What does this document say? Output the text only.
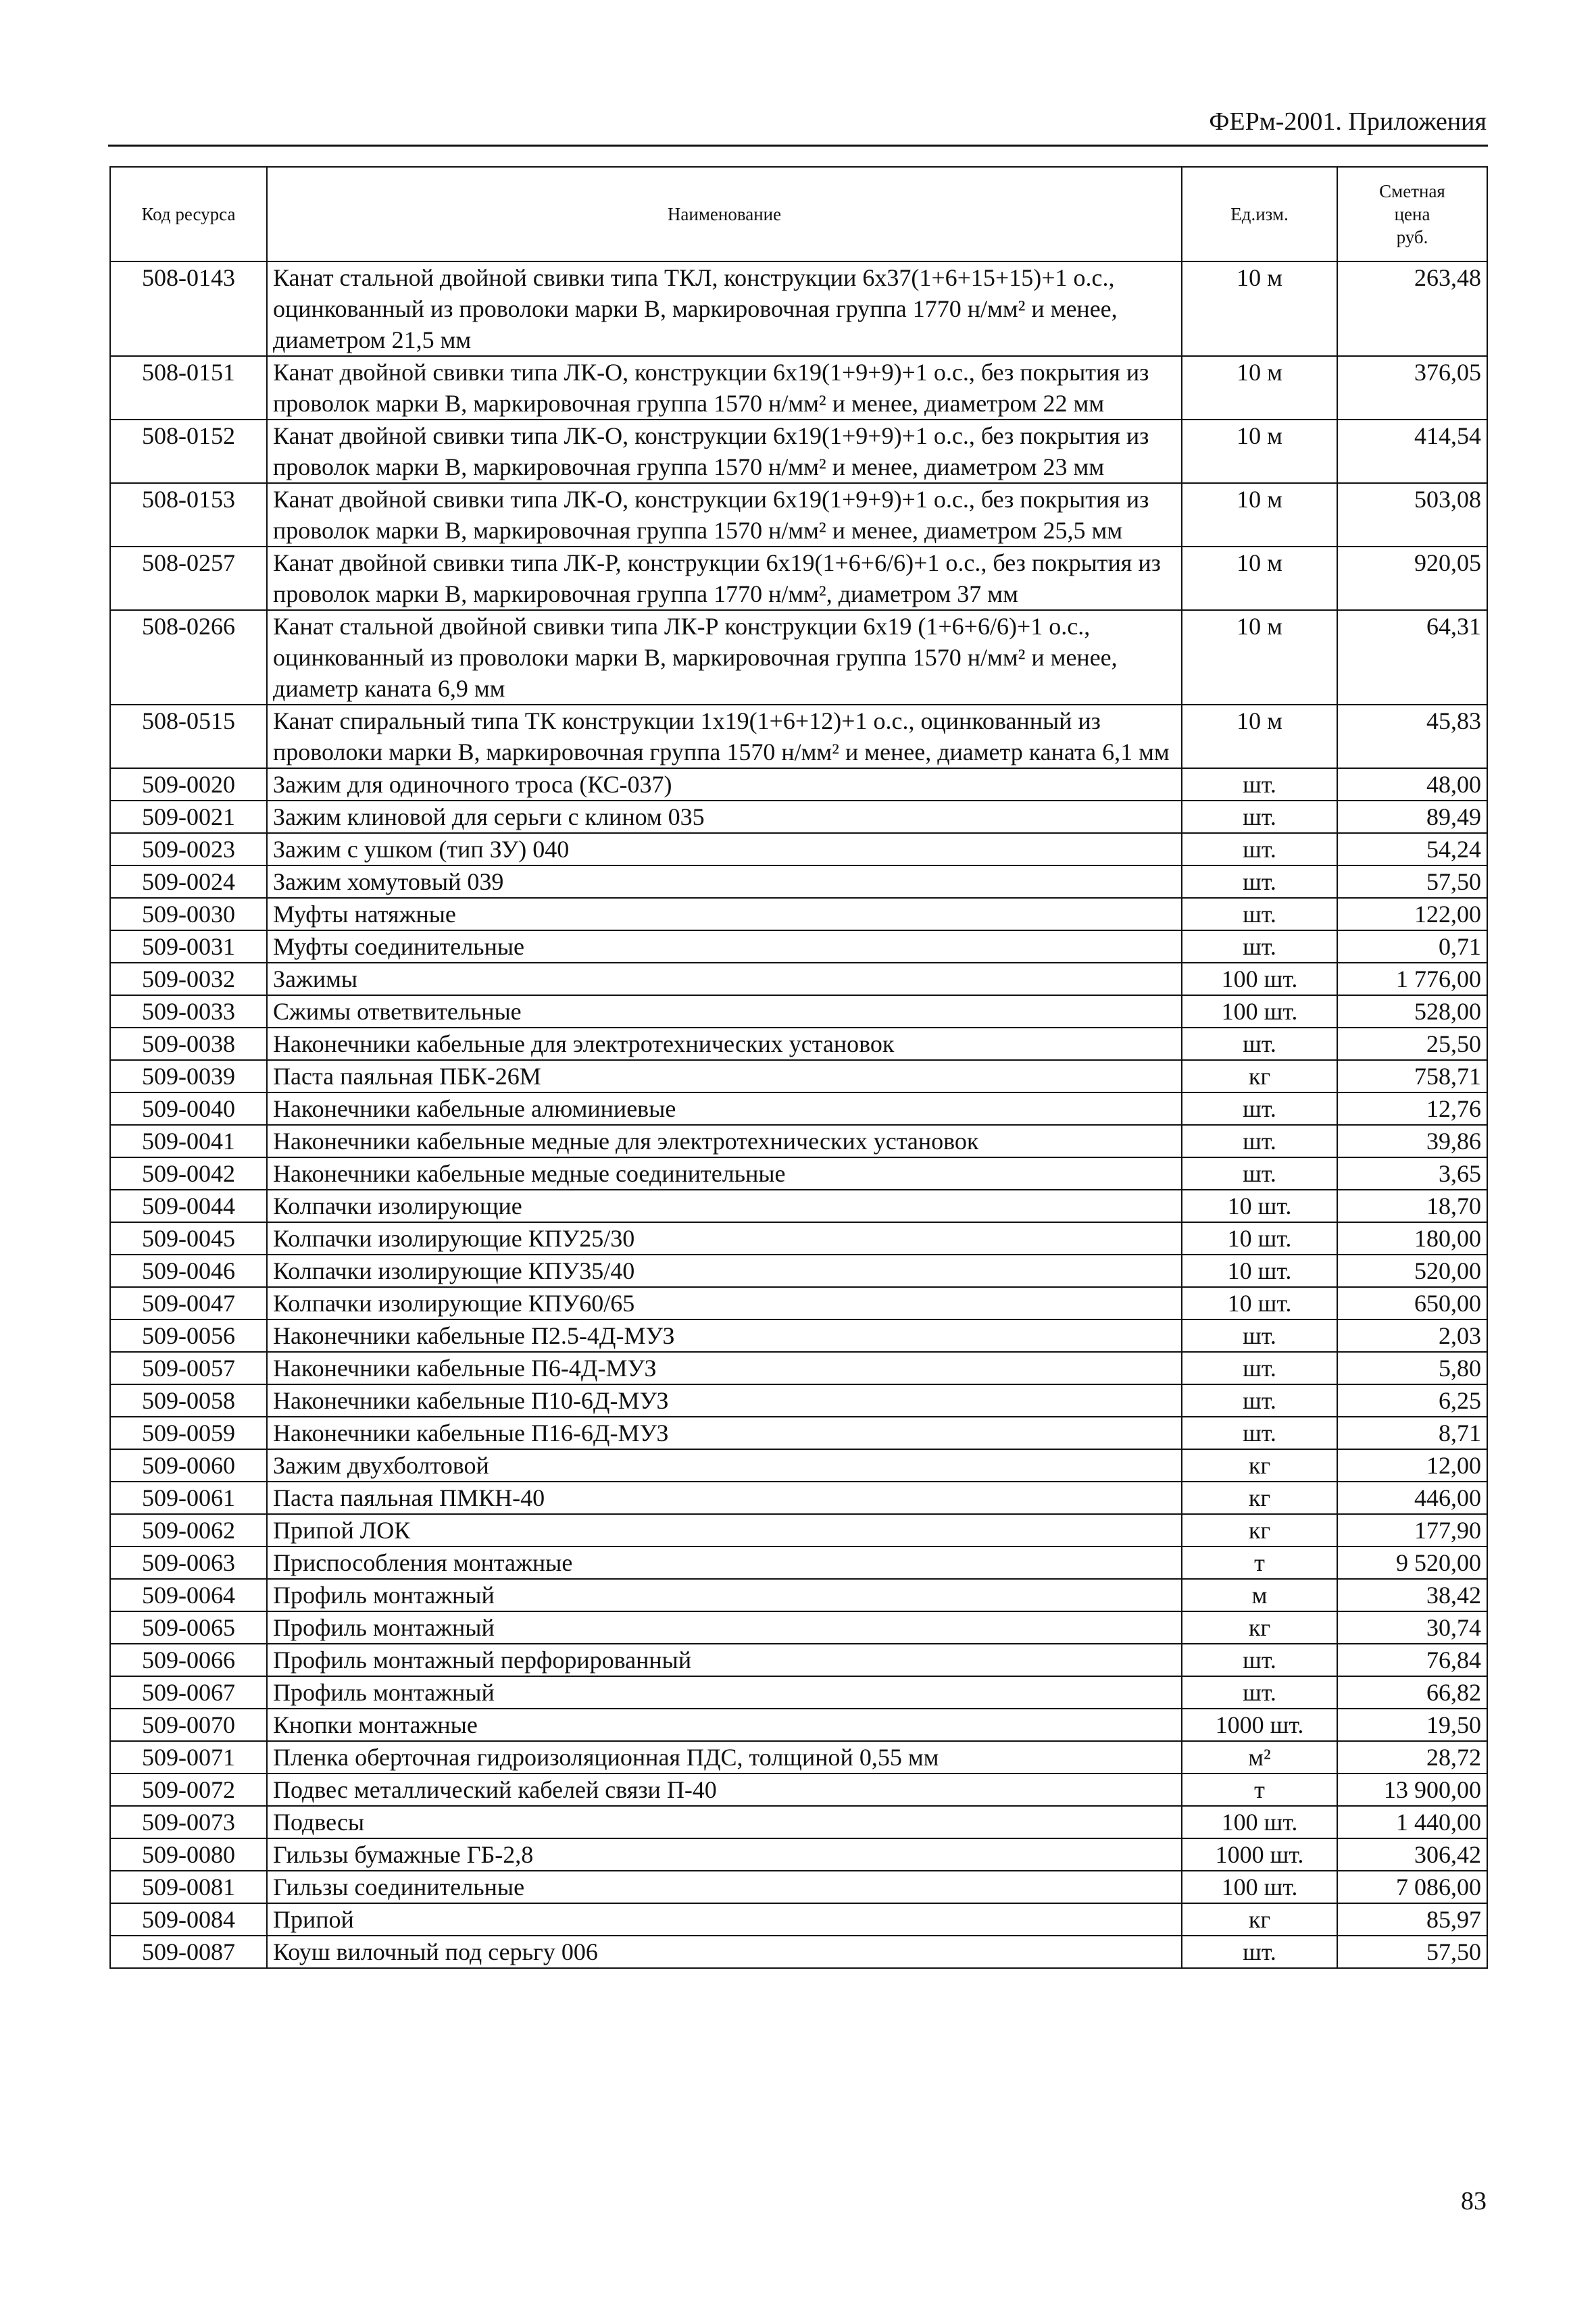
ФЕРм-2001. Приложения
Код ресурса	Наименование	Ед.изм.	Сметная
цена
руб.

508-0143	Канат стальной двойной свивки типа ТКЛ, конструкции 6х37(1+6+15+15)+1 о.с., оцинкованный из проволоки марки В, маркировочная группа 1770 н/мм² и менее, диаметром 21,5 мм	10 м	263,48
508-0151	Канат двойной свивки типа ЛК-О, конструкции 6х19(1+9+9)+1 о.с., без покрытия из проволок марки В, маркировочная группа 1570 н/мм² и менее, диаметром 22 мм	10 м	376,05
508-0152	Канат двойной свивки типа ЛК-О, конструкции 6х19(1+9+9)+1 о.с., без покрытия из проволок марки В, маркировочная группа 1570 н/мм² и менее, диаметром 23 мм	10 м	414,54
508-0153	Канат двойной свивки типа ЛК-О, конструкции 6х19(1+9+9)+1 о.с., без покрытия из проволок марки В, маркировочная группа 1570 н/мм² и менее, диаметром 25,5 мм	10 м	503,08
508-0257	Канат двойной свивки типа ЛК-Р, конструкции 6х19(1+6+6/6)+1 о.с., без покрытия из проволок марки В, маркировочная группа 1770 н/мм², диаметром 37 мм	10 м	920,05
508-0266	Канат стальной двойной свивки типа ЛК-Р конструкции 6х19 (1+6+6/6)+1 о.с., оцинкованный из проволоки марки В, маркировочная группа 1570 н/мм² и менее, диаметр каната 6,9 мм	10 м	64,31
508-0515	Канат спиральный типа ТК конструкции 1х19(1+6+12)+1 о.с., оцинкованный из проволоки марки В, маркировочная группа 1570 н/мм² и менее, диаметр каната 6,1 мм	10 м	45,83
509-0020	Зажим для одиночного троса (КС-037)	шт.	48,00
509-0021	Зажим клиновой для серьги с клином 035	шт.	89,49
509-0023	Зажим с ушком (тип ЗУ) 040	шт.	54,24
509-0024	Зажим хомутовый 039	шт.	57,50
509-0030	Муфты натяжные	шт.	122,00
509-0031	Муфты соединительные	шт.	0,71
509-0032	Зажимы	100 шт.	1 776,00
509-0033	Сжимы ответвительные	100 шт.	528,00
509-0038	Наконечники кабельные для электротехнических установок	шт.	25,50
509-0039	Паста паяльная ПБК-26М	кг	758,71
509-0040	Наконечники кабельные алюминиевые	шт.	12,76
509-0041	Наконечники кабельные медные для электротехнических установок	шт.	39,86
509-0042	Наконечники кабельные медные соединительные	шт.	3,65
509-0044	Колпачки изолирующие	10 шт.	18,70
509-0045	Колпачки изолирующие КПУ25/30	10 шт.	180,00
509-0046	Колпачки изолирующие КПУ35/40	10 шт.	520,00
509-0047	Колпачки изолирующие КПУ60/65	10 шт.	650,00
509-0056	Наконечники кабельные П2.5-4Д-МУЗ	шт.	2,03
509-0057	Наконечники кабельные П6-4Д-МУЗ	шт.	5,80
509-0058	Наконечники кабельные П10-6Д-МУЗ	шт.	6,25
509-0059	Наконечники кабельные П16-6Д-МУЗ	шт.	8,71
509-0060	Зажим двухболтовой	кг	12,00
509-0061	Паста паяльная ПМКН-40	кг	446,00
509-0062	Припой ЛОК	кг	177,90
509-0063	Приспособления монтажные	т	9 520,00
509-0064	Профиль монтажный	м	38,42
509-0065	Профиль монтажный	кг	30,74
509-0066	Профиль монтажный перфорированный	шт.	76,84
509-0067	Профиль монтажный	шт.	66,82
509-0070	Кнопки монтажные	1000 шт.	19,50
509-0071	Пленка оберточная гидроизоляционная ПДС, толщиной 0,55 мм	м²	28,72
509-0072	Подвес металлический кабелей связи П-40	т	13 900,00
509-0073	Подвесы	100 шт.	1 440,00
509-0080	Гильзы бумажные ГБ-2,8	1000 шт.	306,42
509-0081	Гильзы соединительные	100 шт.	7 086,00
509-0084	Припой	кг	85,97
509-0087	Коуш вилочный под серьгу 006	шт.	57,50
83
